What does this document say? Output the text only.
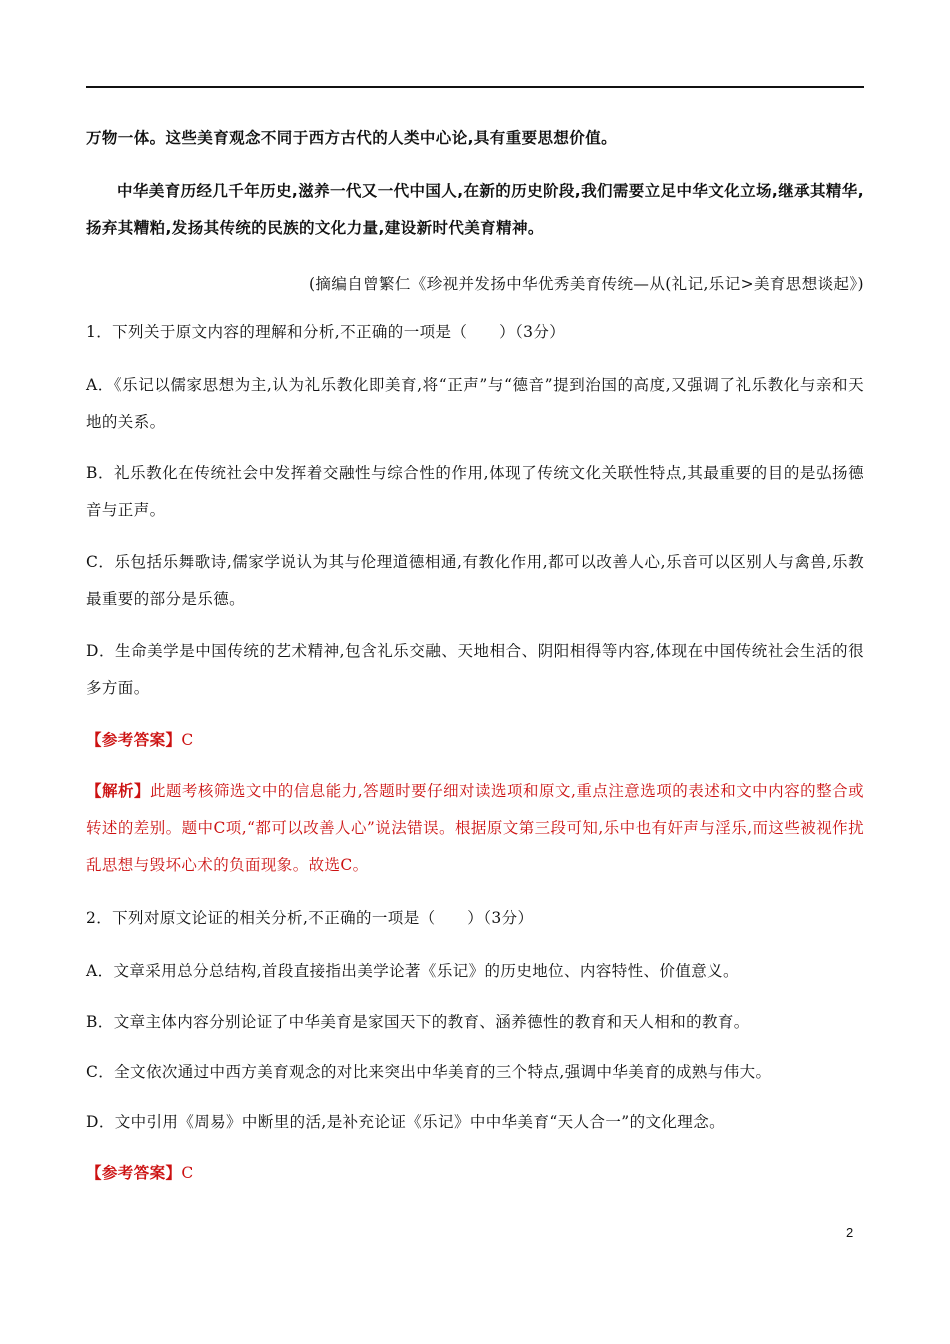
万物一体。这些美育观念不同于西方古代的人类中心论,具有重要思想价值。

中华美育历经几千年历史,滋养一代又一代中国人,在新的历史阶段,我们需要立足中华文化立场,继承其精华,扬弃其糟粕,发扬其传统的民族的文化力量,建设新时代美育精神。

(摘编自曾繁仁《珍视并发扬中华优秀美育传统—从(礼记,乐记>美育思想谈起》)

1．下列关于原文内容的理解和分析,不正确的一项是（　　）（3分）

A．《乐记以儒家思想为主,认为礼乐教化即美育,将“正声”与“德音”提到治国的高度,又强调了礼乐教化与亲和天地的关系。

B．礼乐教化在传统社会中发挥着交融性与综合性的作用,体现了传统文化关联性特点,其最重要的目的是弘扬德音与正声。

C．乐包括乐舞歌诗,儒家学说认为其与伦理道德相通,有教化作用,都可以改善人心,乐音可以区别人与禽兽,乐教最重要的部分是乐德。

D．生命美学是中国传统的艺术精神,包含礼乐交融、天地相合、阴阳相得等内容,体现在中国传统社会生活的很多方面。

【参考答案】C

【解析】此题考核筛选文中的信息能力,答题时要仔细对读选项和原文,重点注意选项的表述和文中内容的整合或转述的差别。题中C项,“都可以改善人心”说法错误。根据原文第三段可知,乐中也有奸声与淫乐,而这些被视作扰乱思想与毁坏心术的负面现象。故选C。

2．下列对原文论证的相关分析,不正确的一项是（　　）（3分）

A．文章采用总分总结构,首段直接指出美学论著《乐记》的历史地位、内容特性、价值意义。

B．文章主体内容分别论证了中华美育是家国天下的教育、涵养德性的教育和天人相和的教育。

C．全文依次通过中西方美育观念的对比来突出中华美育的三个特点,强调中华美育的成熟与伟大。

D．文中引用《周易》中断里的活,是补充论证《乐记》中中华美育“天人合一”的文化理念。

【参考答案】C

2
